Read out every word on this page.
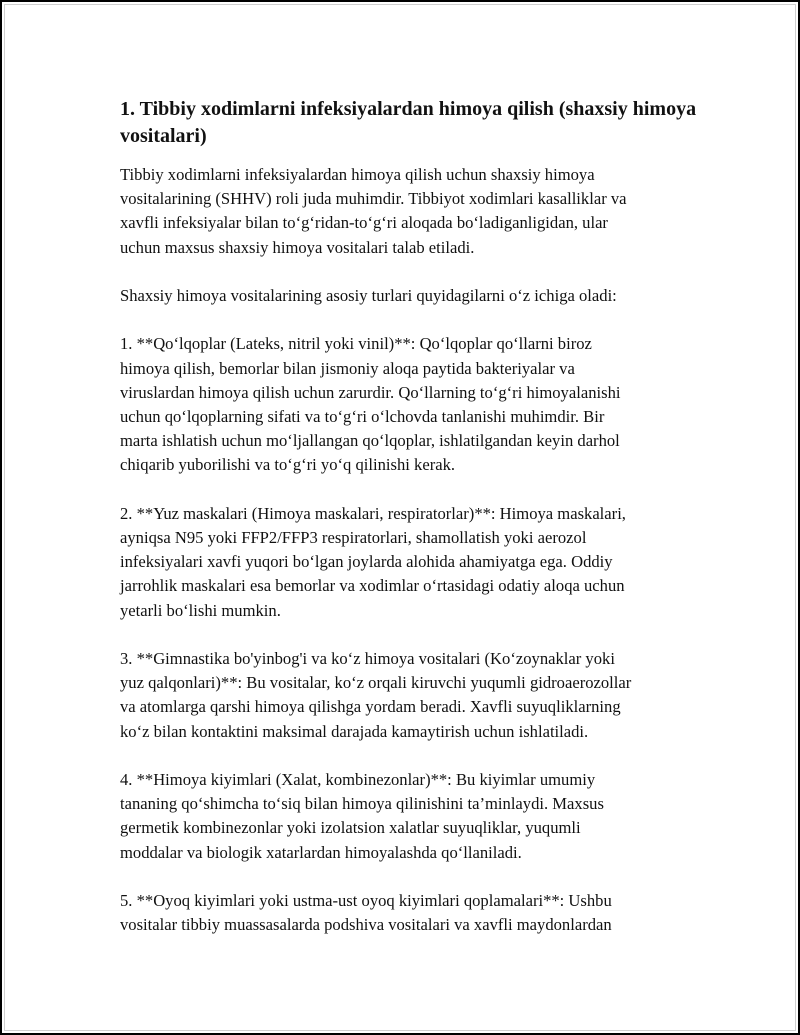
1. Tibbiy xodimlarni infeksiyalardan himoya qilish (shaxsiy himoya vositalari)

Tibbiy xodimlarni infeksiyalardan himoya qilish uchun shaxsiy himoya
vositalarining (SHHV) roli juda muhimdir. Tibbiyot xodimlari kasalliklar va
xavfli infeksiyalar bilan to‘g‘ridan-to‘g‘ri aloqada bo‘ladiganligidan, ular
uchun maxsus shaxsiy himoya vositalari talab etiladi.

Shaxsiy himoya vositalarining asosiy turlari quyidagilarni o‘z ichiga oladi:

1. **Qo‘lqoplar (Lateks, nitril yoki vinil)**: Qo‘lqoplar qo‘llarni biroz
himoya qilish, bemorlar bilan jismoniy aloqa paytida bakteriyalar va
viruslardan himoya qilish uchun zarurdir. Qo‘llarning to‘g‘ri himoyalanishi
uchun qo‘lqoplarning sifati va to‘g‘ri o‘lchovda tanlanishi muhimdir. Bir
marta ishlatish uchun mo‘ljallangan qo‘lqoplar, ishlatilgandan keyin darhol
chiqarib yuborilishi va to‘g‘ri yo‘q qilinishi kerak.

2. **Yuz maskalari (Himoya maskalari, respiratorlar)**: Himoya maskalari,
ayniqsa N95 yoki FFP2/FFP3 respiratorlari, shamollatish yoki aerozol
infeksiyalari xavfi yuqori bo‘lgan joylarda alohida ahamiyatga ega. Oddiy
jarrohlik maskalari esa bemorlar va xodimlar o‘rtasidagi odatiy aloqa uchun
yetarli bo‘lishi mumkin.

3. **Gimnastika bo'yinbog'i va ko‘z himoya vositalari (Ko‘zoynaklar yoki
yuz qalqonlari)**: Bu vositalar, ko‘z orqali kiruvchi yuqumli gidroaerozollar
va atomlarga qarshi himoya qilishga yordam beradi. Xavfli suyuqliklarning
ko‘z bilan kontaktini maksimal darajada kamaytirish uchun ishlatiladi.

4. **Himoya kiyimlari (Xalat, kombinezonlar)**: Bu kiyimlar umumiy
tananing qo‘shimcha to‘siq bilan himoya qilinishini ta’minlaydi. Maxsus
germetik kombinezonlar yoki izolatsion xalatlar suyuqliklar, yuqumli
moddalar va biologik xatarlardan himoyalashda qo‘llaniladi.

5. **Oyoq kiyimlari yoki ustma-ust oyoq kiyimlari qoplamalari**: Ushbu
vositalar tibbiy muassasalarda podshiva vositalari va xavfli maydonlardan
